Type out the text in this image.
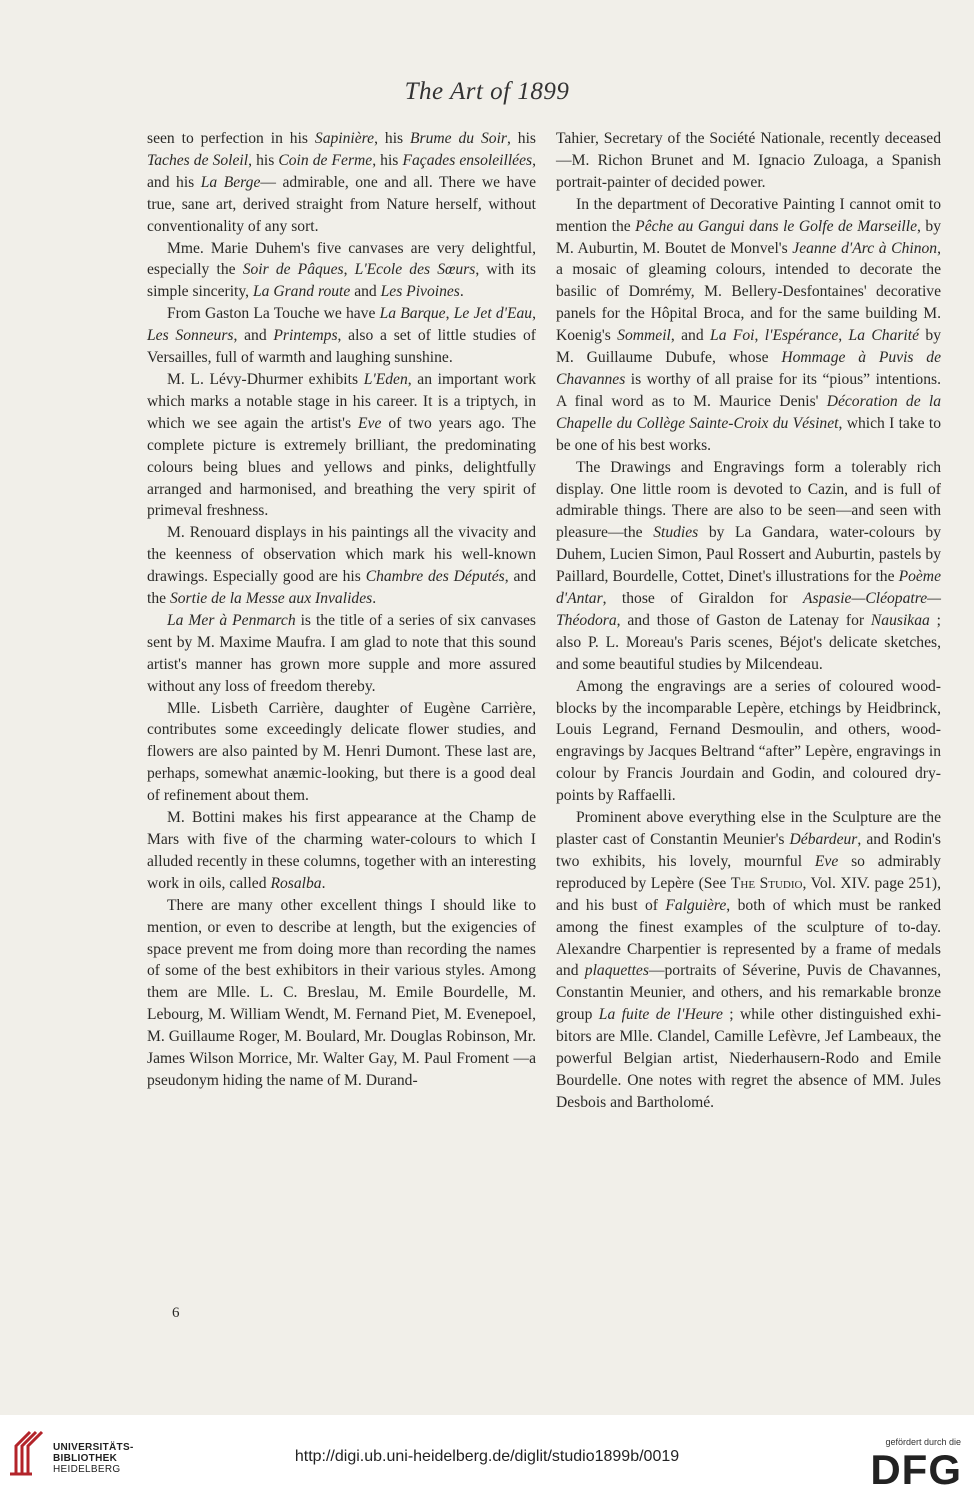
The Art of 1899

seen to perfection in his Sapinière, his Brume du Soir, his Taches de Soleil, his Coin de Ferme, his Façades ensoleillées, and his La Berge— admirable, one and all. There we have true, sane art, derived straight from Nature herself, without conventionality of any sort.

Mme. Marie Duhem's five canvases are very delightful, especially the Soir de Pâques, L'Ecole des Sœurs, with its simple sincerity, La Grand route and Les Pivoines.

From Gaston La Touche we have La Barque, Le Jet d'Eau, Les Sonneurs, and Printemps, also a set of little studies of Versailles, full of warmth and laughing sunshine.

M. L. Lévy-Dhurmer exhibits L'Eden, an important work which marks a notable stage in his career. It is a triptych, in which we see again the artist's Eve of two years ago. The complete picture is extremely brilliant, the predominating colours being blues and yellows and pinks, delightfully arranged and harmonised, and breathing the very spirit of primeval freshness.

M. Renouard displays in his paintings all the vivacity and the keenness of observation which mark his well-known drawings. Especially good are his Chambre des Députés, and the Sortie de la Messe aux Invalides.

La Mer à Penmarch is the title of a series of six canvases sent by M. Maxime Maufra. I am glad to note that this sound artist's manner has grown more supple and more assured without any loss of freedom thereby.

Mlle. Lisbeth Carrière, daughter of Eugène Carrière, contributes some exceedingly delicate flower studies, and flowers are also painted by M. Henri Dumont. These last are, perhaps, somewhat anæmic-looking, but there is a good deal of refinement about them.

M. Bottini makes his first appearance at the Champ de Mars with five of the charming water-colours to which I alluded recently in these columns, together with an interesting work in oils, called Rosalba.

There are many other excellent things I should like to mention, or even to describe at length, but the exigencies of space prevent me from doing more than recording the names of some of the best exhibitors in their various styles. Among them are Mlle. L. C. Breslau, M. Emile Bourdelle, M. Lebourg, M. William Wendt, M. Fernand Piet, M. Evenepoel, M. Guillaume Roger, M. Boulard, Mr. Douglas Robinson, Mr. James Wilson Morrice, Mr. Walter Gay, M. Paul Froment —a pseudonym hiding the name of M. Durand-

Tahier, Secretary of the Société Nationale, recently deceased—M. Richon Brunet and M. Ignacio Zuloaga, a Spanish portrait-painter of decided power.

In the department of Decorative Painting I cannot omit to mention the Pêche au Gangui dans le Golfe de Marseille, by M. Auburtin, M. Boutet de Monvel's Jeanne d'Arc à Chinon, a mosaic of gleaming colours, intended to decorate the basilic of Domrémy, M. Bellery-Desfontaines' decorative panels for the Hôpital Broca, and for the same building M. Koenig's Sommeil, and La Foi, l'Espérance, La Charité by M. Guillaume Dubufe, whose Hommage à Puvis de Chavannes is worthy of all praise for its “pious” intentions. A final word as to M. Maurice Denis' Décoration de la Chapelle du Collège Sainte-Croix du Vésinet, which I take to be one of his best works.

The Drawings and Engravings form a tolerably rich display. One little room is devoted to Cazin, and is full of admirable things. There are also to be seen—and seen with pleasure—the Studies by La Gandara, water-colours by Duhem, Lucien Simon, Paul Rossert and Auburtin, pastels by Paillard, Bourdelle, Cottet, Dinet's illustrations for the Poème d'Antar, those of Giraldon for Aspasie—Cléopatre—Théodora, and those of Gaston de Latenay for Nausikaa ; also P. L. Moreau's Paris scenes, Béjot's delicate sketches, and some beautiful studies by Milcendeau.

Among the engravings are a series of coloured wood-blocks by the incomparable Lepère, etchings by Heidbrinck, Louis Legrand, Fernand Desmoulin, and others, wood-engravings by Jacques Beltrand “after” Lepère, engravings in colour by Francis Jourdain and Godin, and coloured dry-points by Raffaelli.

Prominent above everything else in the Sculpture are the plaster cast of Constantin Meunier's Débardeur, and Rodin's two exhibits, his lovely, mournful Eve so admirably reproduced by Lepère (See The Studio, Vol. XIV. page 251), and his bust of Falguière, both of which must be ranked among the finest examples of the sculpture of to-day. Alexandre Charpentier is represented by a frame of medals and plaquettes—portraits of Séverine, Puvis de Chavannes, Constantin Meunier, and others, and his remarkable bronze group La fuite de l'Heure ; while other distinguished exhibitors are Mlle. Clandel, Camille Lefèvre, Jef Lambeaux, the powerful Belgian artist, Niederhausern-Rodo and Emile Bourdelle. One notes with regret the absence of MM. Jules Desbois and Bartholomé.

6
UNIVERSITÄTS-
BIBLIOTHEK
HEIDELBERG
http://digi.ub.uni-heidelberg.de/diglit/studio1899b/0019
gefördert durch die
DFG
